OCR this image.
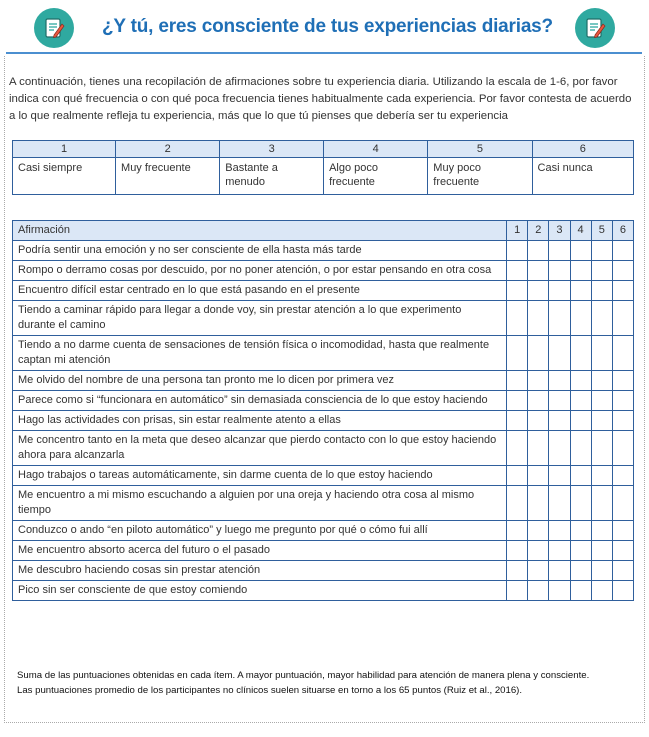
¿Y tú, eres consciente de tus experiencias diarias?
A continuación, tienes una recopilación de afirmaciones sobre tu experiencia diaria. Utilizando la escala de 1-6, por favor indica con qué frecuencia o con qué poca frecuencia tienes habitualmente cada experiencia. Por favor contesta de acuerdo a lo que realmente refleja tu experiencia, más que lo que tú pienses que debería ser tu experiencia
1	2	3	4	5	6
Casi siempre	Muy frecuente	Bastante a menudo	Algo poco frecuente	Muy poco frecuente	Casi nunca
Afirmación	1	2	3	4	5	6
Podría sentir una emoción y no ser consciente de ella hasta más tarde						
Rompo o derramo cosas por descuido, por no poner atención, o por estar pensando en otra cosa						
Encuentro difícil estar centrado en lo que está pasando en el presente						
Tiendo a caminar rápido para llegar a donde voy, sin prestar atención a lo que experimento durante el camino						
Tiendo a no darme cuenta de sensaciones de tensión física o incomodidad, hasta que realmente captan mi atención						
Me olvido del nombre de una persona tan pronto me lo dicen por primera vez						
Parece como si “funcionara en automático” sin demasiada consciencia de lo que estoy haciendo						
Hago las actividades con prisas, sin estar realmente atento a ellas						
Me concentro tanto en la meta que deseo alcanzar que pierdo contacto con lo que estoy haciendo ahora para alcanzarla						
Hago trabajos o tareas automáticamente, sin darme cuenta de lo que estoy haciendo						
Me encuentro a mi mismo escuchando a alguien por una oreja y haciendo otra cosa al mismo tiempo						
Conduzco o ando “en piloto automático” y luego me pregunto por qué o cómo fui allí						
Me encuentro absorto acerca del futuro o el pasado						
Me descubro haciendo cosas sin prestar atención						
Pico sin ser consciente de que estoy comiendo						
Suma de las puntuaciones obtenidas en cada ítem. A mayor puntuación, mayor habilidad para atención de manera plena y consciente.
Las puntuaciones promedio de los participantes no clínicos suelen situarse en torno a los 65 puntos (Ruiz et al., 2016).
